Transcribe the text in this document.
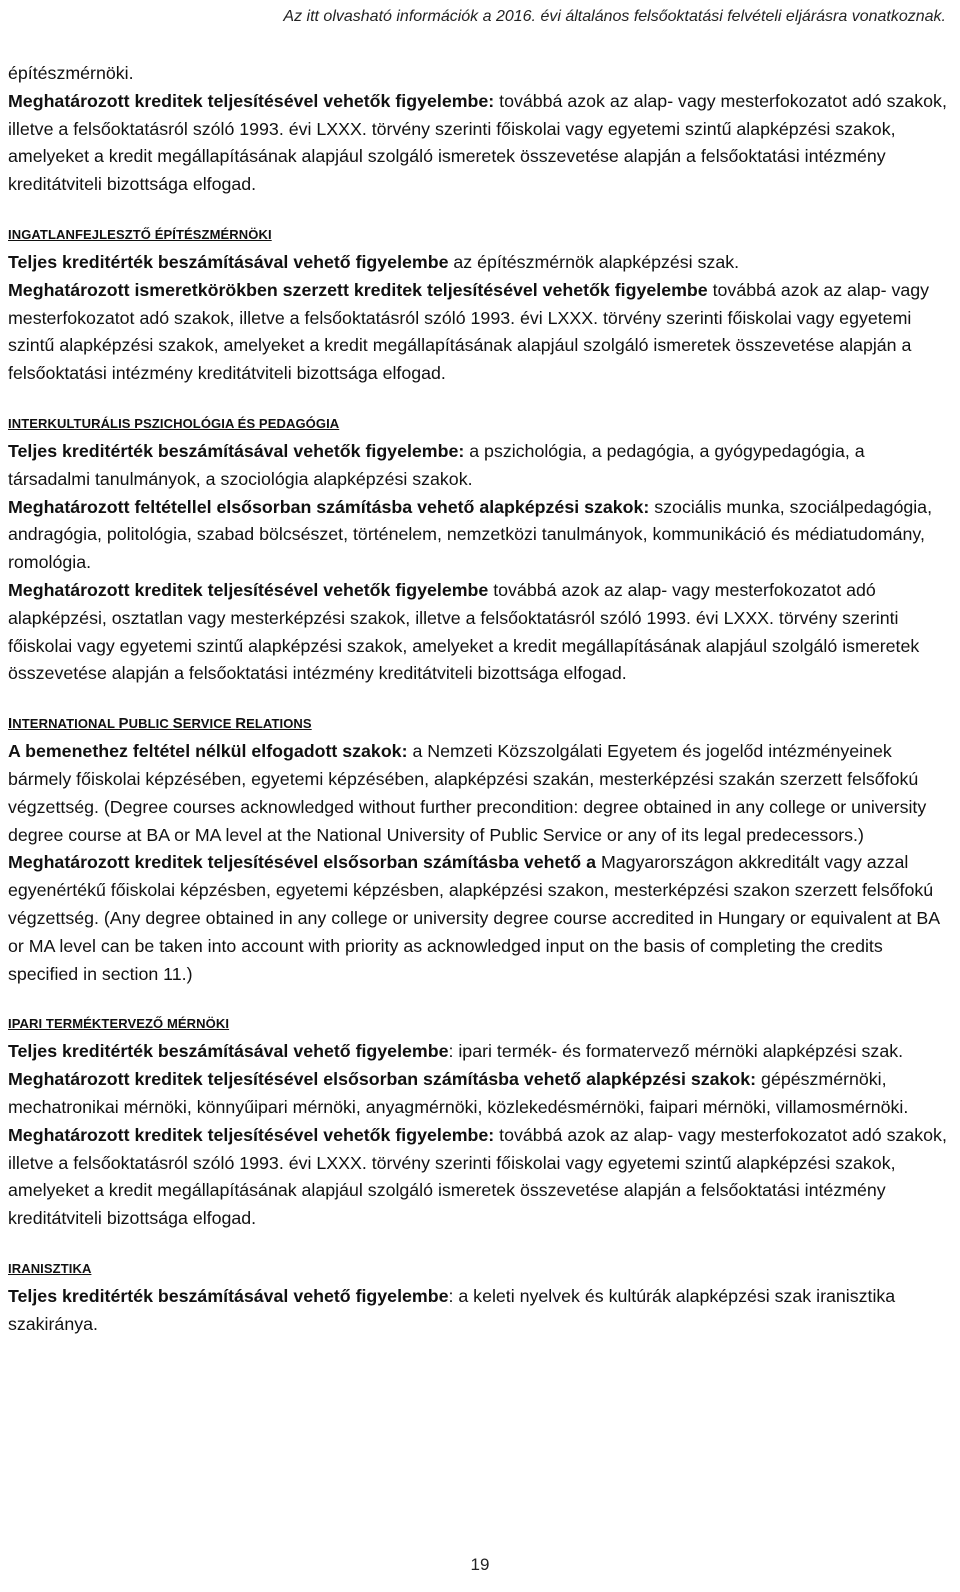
Az itt olvasható információk a 2016. évi általános felsőoktatási felvételi eljárásra vonatkoznak.

építészmérnöki.

Meghatározott kreditek teljesítésével vehetők figyelembe: továbbá azok az alap- vagy mesterfokozatot adó szakok, illetve a felsőoktatásról szóló 1993. évi LXXX. törvény szerinti főiskolai vagy egyetemi szintű alapképzési szakok, amelyeket a kredit megállapításának alapjául szolgáló ismeretek összevetése alapján a felsőoktatási intézmény kreditátviteli bizottsága elfogad.

INGATLANFEJLESZTŐ ÉPÍTÉSZMÉRNÖKI

Teljes kreditérték beszámításával vehető figyelembe az építészmérnök alapképzési szak.

Meghatározott ismeretkörökben szerzett kreditek teljesítésével vehetők figyelembe továbbá azok az alap- vagy mesterfokozatot adó szakok, illetve a felsőoktatásról szóló 1993. évi LXXX. törvény szerinti főiskolai vagy egyetemi szintű alapképzési szakok, amelyeket a kredit megállapításának alapjául szolgáló ismeretek összevetése alapján a felsőoktatási intézmény kreditátviteli bizottsága elfogad.

INTERKULTURÁLIS PSZICHOLÓGIA ÉS PEDAGÓGIA

Teljes kreditérték beszámításával vehetők figyelembe: a pszichológia, a pedagógia, a gyógypedagógia, a társadalmi tanulmányok, a szociológia alapképzési szakok.

Meghatározott feltétellel elsősorban számításba vehető alapképzési szakok: szociális munka, szociálpedagógia, andragógia, politológia, szabad bölcsészet, történelem, nemzetközi tanulmányok, kommunikáció és médiatudomány, romológia.

Meghatározott kreditek teljesítésével vehetők figyelembe továbbá azok az alap- vagy mesterfokozatot adó alapképzési, osztatlan vagy mesterképzési szakok, illetve a felsőoktatásról szóló 1993. évi LXXX. törvény szerinti főiskolai vagy egyetemi szintű alapképzési szakok, amelyeket a kredit megállapításának alapjául szolgáló ismeretek összevetése alapján a felsőoktatási intézmény kreditátviteli bizottsága elfogad.

INTERNATIONAL PUBLIC SERVICE RELATIONS

A bemenethez feltétel nélkül elfogadott szakok: a Nemzeti Közszolgálati Egyetem és jogelőd intézményeinek bármely főiskolai képzésében, egyetemi képzésében, alapképzési szakán, mesterképzési szakán szerzett felsőfokú végzettség. (Degree courses acknowledged without further precondition: degree obtained in any college or university degree course at BA or MA level at the National University of Public Service or any of its legal predecessors.)

Meghatározott kreditek teljesítésével elsősorban számításba vehető a Magyarországon akkreditált vagy azzal egyenértékű főiskolai képzésben, egyetemi képzésben, alapképzési szakon, mesterképzési szakon szerzett felsőfokú végzettség. (Any degree obtained in any college or university degree course accredited in Hungary or equivalent at BA or MA level can be taken into account with priority as acknowledged input on the basis of completing the credits specified in section 11.)

IPARI TERMÉKTERVEZŐ MÉRNÖKI

Teljes kreditérték beszámításával vehető figyelembe: ipari termék- és formatervező mérnöki alapképzési szak.

Meghatározott kreditek teljesítésével elsősorban számításba vehető alapképzési szakok: gépészmérnöki, mechatronikai mérnöki, könnyűipari mérnöki, anyagmérnöki, közlekedésmérnöki, faipari mérnöki, villamosmérnöki.

Meghatározott kreditek teljesítésével vehetők figyelembe: továbbá azok az alap- vagy mesterfokozatot adó szakok, illetve a felsőoktatásról szóló 1993. évi LXXX. törvény szerinti főiskolai vagy egyetemi szintű alapképzési szakok, amelyeket a kredit megállapításának alapjául szolgáló ismeretek összevetése alapján a felsőoktatási intézmény kreditátviteli bizottsága elfogad.

IRANISZTIKA

Teljes kreditérték beszámításával vehető figyelembe: a keleti nyelvek és kultúrák alapképzési szak iranisztika szakiránya.

19
